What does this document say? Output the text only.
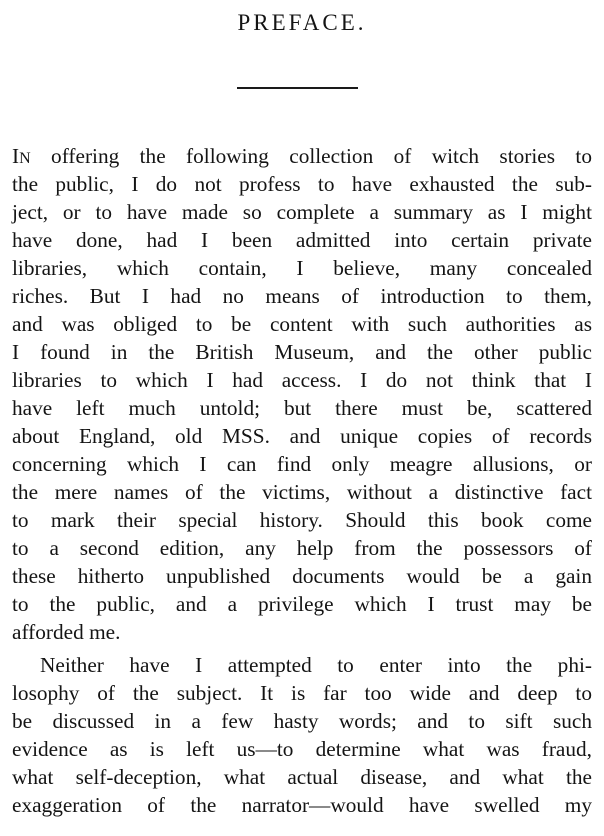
PREFACE.
IN offering the following collection of witch stories to
the public, I do not profess to have exhausted the sub-
ject, or to have made so complete a summary as I might
have done, had I been admitted into certain private
libraries, which contain, I believe, many concealed
riches. But I had no means of introduction to them,
and was obliged to be content with such authorities as
I found in the British Museum, and the other public
libraries to which I had access. I do not think that I
have left much untold; but there must be, scattered
about England, old MSS. and unique copies of records
concerning which I can find only meagre allusions, or
the mere names of the victims, without a distinctive fact
to mark their special history. Should this book come
to a second edition, any help from the possessors of
these hitherto unpublished documents would be a gain
to the public, and a privilege which I trust may be
afforded me.
Neither have I attempted to enter into the phi-
losophy of the subject. It is far too wide and deep to
be discussed in a few hasty words; and to sift such
evidence as is left us—to determine what was fraud,
what self-deception, what actual disease, and what the
exaggeration of the narrator—would have swelled my
